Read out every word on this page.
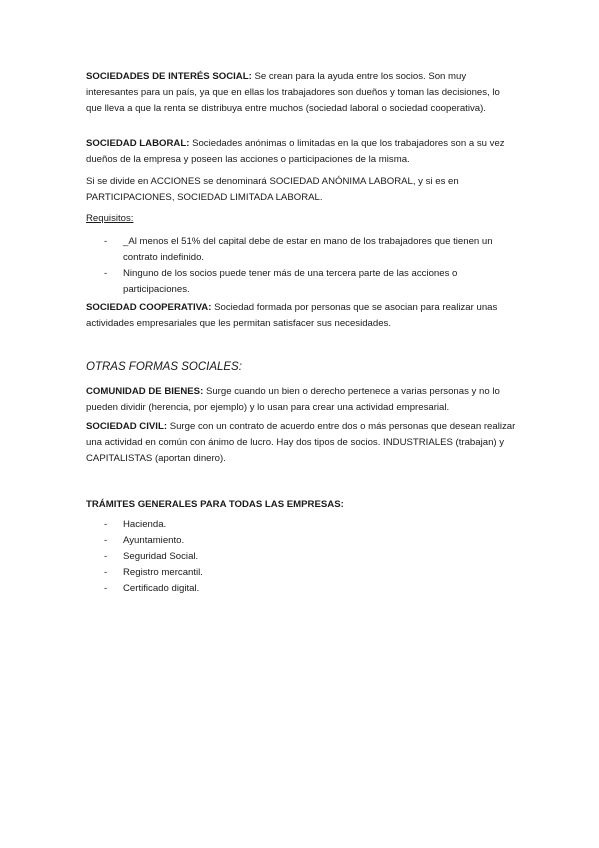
SOCIEDADES DE INTERÉS SOCIAL: Se crean para la ayuda entre los socios. Son muy interesantes para un país, ya que en ellas los trabajadores son dueños y toman las decisiones, lo que lleva a que la renta se distribuya entre muchos (sociedad laboral o sociedad cooperativa).

SOCIEDAD LABORAL: Sociedades anónimas o limitadas en la que los trabajadores son a su vez dueños de la empresa y poseen las acciones o participaciones de la misma.

Si se divide en ACCIONES se denominará SOCIEDAD ANÓNIMA LABORAL, y si es en PARTICIPACIONES, SOCIEDAD LIMITADA LABORAL.

Requisitos:

- _Al menos el 51% del capital debe de estar en mano de los trabajadores que tienen un contrato indefinido.
- Ninguno de los socios puede tener más de una tercera parte de las acciones o participaciones.

SOCIEDAD COOPERATIVA: Sociedad formada por personas que se asocian para realizar unas actividades empresariales que les permitan satisfacer sus necesidades.

OTRAS FORMAS SOCIALES:

COMUNIDAD DE BIENES: Surge cuando un bien o derecho pertenece a varias personas y no lo pueden dividir (herencia, por ejemplo) y lo usan para crear una actividad empresarial.

SOCIEDAD CIVIL: Surge con un contrato de acuerdo entre dos o más personas que desean realizar una actividad en común con ánimo de lucro. Hay dos tipos de socios. INDUSTRIALES (trabajan) y CAPITALISTAS (aportan dinero).

TRÁMITES GENERALES PARA TODAS LAS EMPRESAS:

- Hacienda.
- Ayuntamiento.
- Seguridad Social.
- Registro mercantil.
- Certificado digital.
